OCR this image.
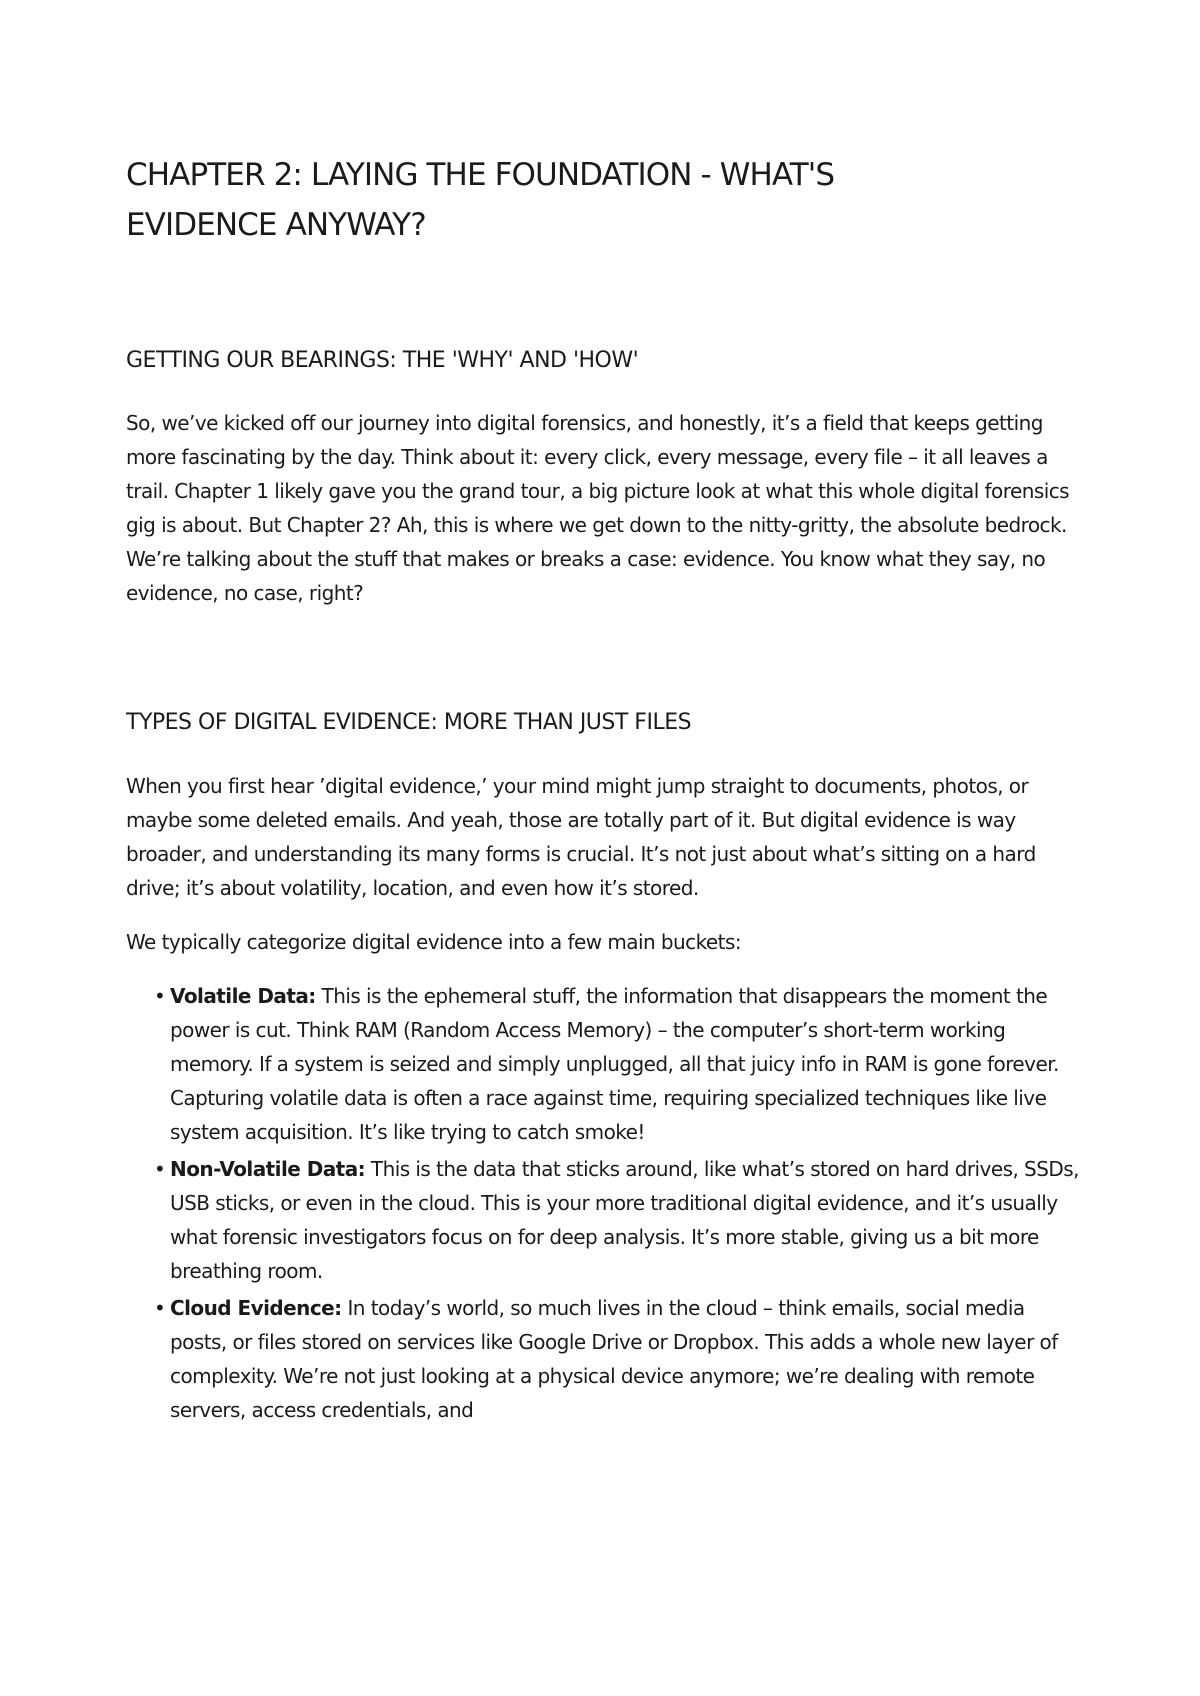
CHAPTER 2: LAYING THE FOUNDATION - WHAT'S EVIDENCE ANYWAY?
GETTING OUR BEARINGS: THE 'WHY' AND 'HOW'

So, we’ve kicked off our journey into digital forensics, and honestly, it’s a field that keeps getting more fascinating by the day. Think about it: every click, every message, every file – it all leaves a trail. Chapter 1 likely gave you the grand tour, a big picture look at what this whole digital forensics gig is about. But Chapter 2? Ah, this is where we get down to the nitty-gritty, the absolute bedrock. We’re talking about the stuff that makes or breaks a case: evidence. You know what they say, no evidence, no case, right?

TYPES OF DIGITAL EVIDENCE: MORE THAN JUST FILES

When you first hear ’digital evidence,’ your mind might jump straight to documents, photos, or maybe some deleted emails. And yeah, those are totally part of it. But digital evidence is way broader, and understanding its many forms is crucial. It’s not just about what’s sitting on a hard drive; it’s about volatility, location, and even how it’s stored.

We typically categorize digital evidence into a few main buckets:

• Volatile Data: This is the ephemeral stuff, the information that disappears the moment the power is cut. Think RAM (Random Access Memory) – the computer’s short-term working memory. If a system is seized and simply unplugged, all that juicy info in RAM is gone forever. Capturing volatile data is often a race against time, requiring specialized techniques like live system acquisition. It’s like trying to catch smoke!
• Non-Volatile Data: This is the data that sticks around, like what’s stored on hard drives, SSDs, USB sticks, or even in the cloud. This is your more traditional digital evidence, and it’s usually what forensic investigators focus on for deep analysis. It’s more stable, giving us a bit more breathing room.
• Cloud Evidence: In today’s world, so much lives in the cloud – think emails, social media posts, or files stored on services like Google Drive or Dropbox. This adds a whole new layer of complexity. We’re not just looking at a physical device anymore; we’re dealing with remote servers, access credentials, and
